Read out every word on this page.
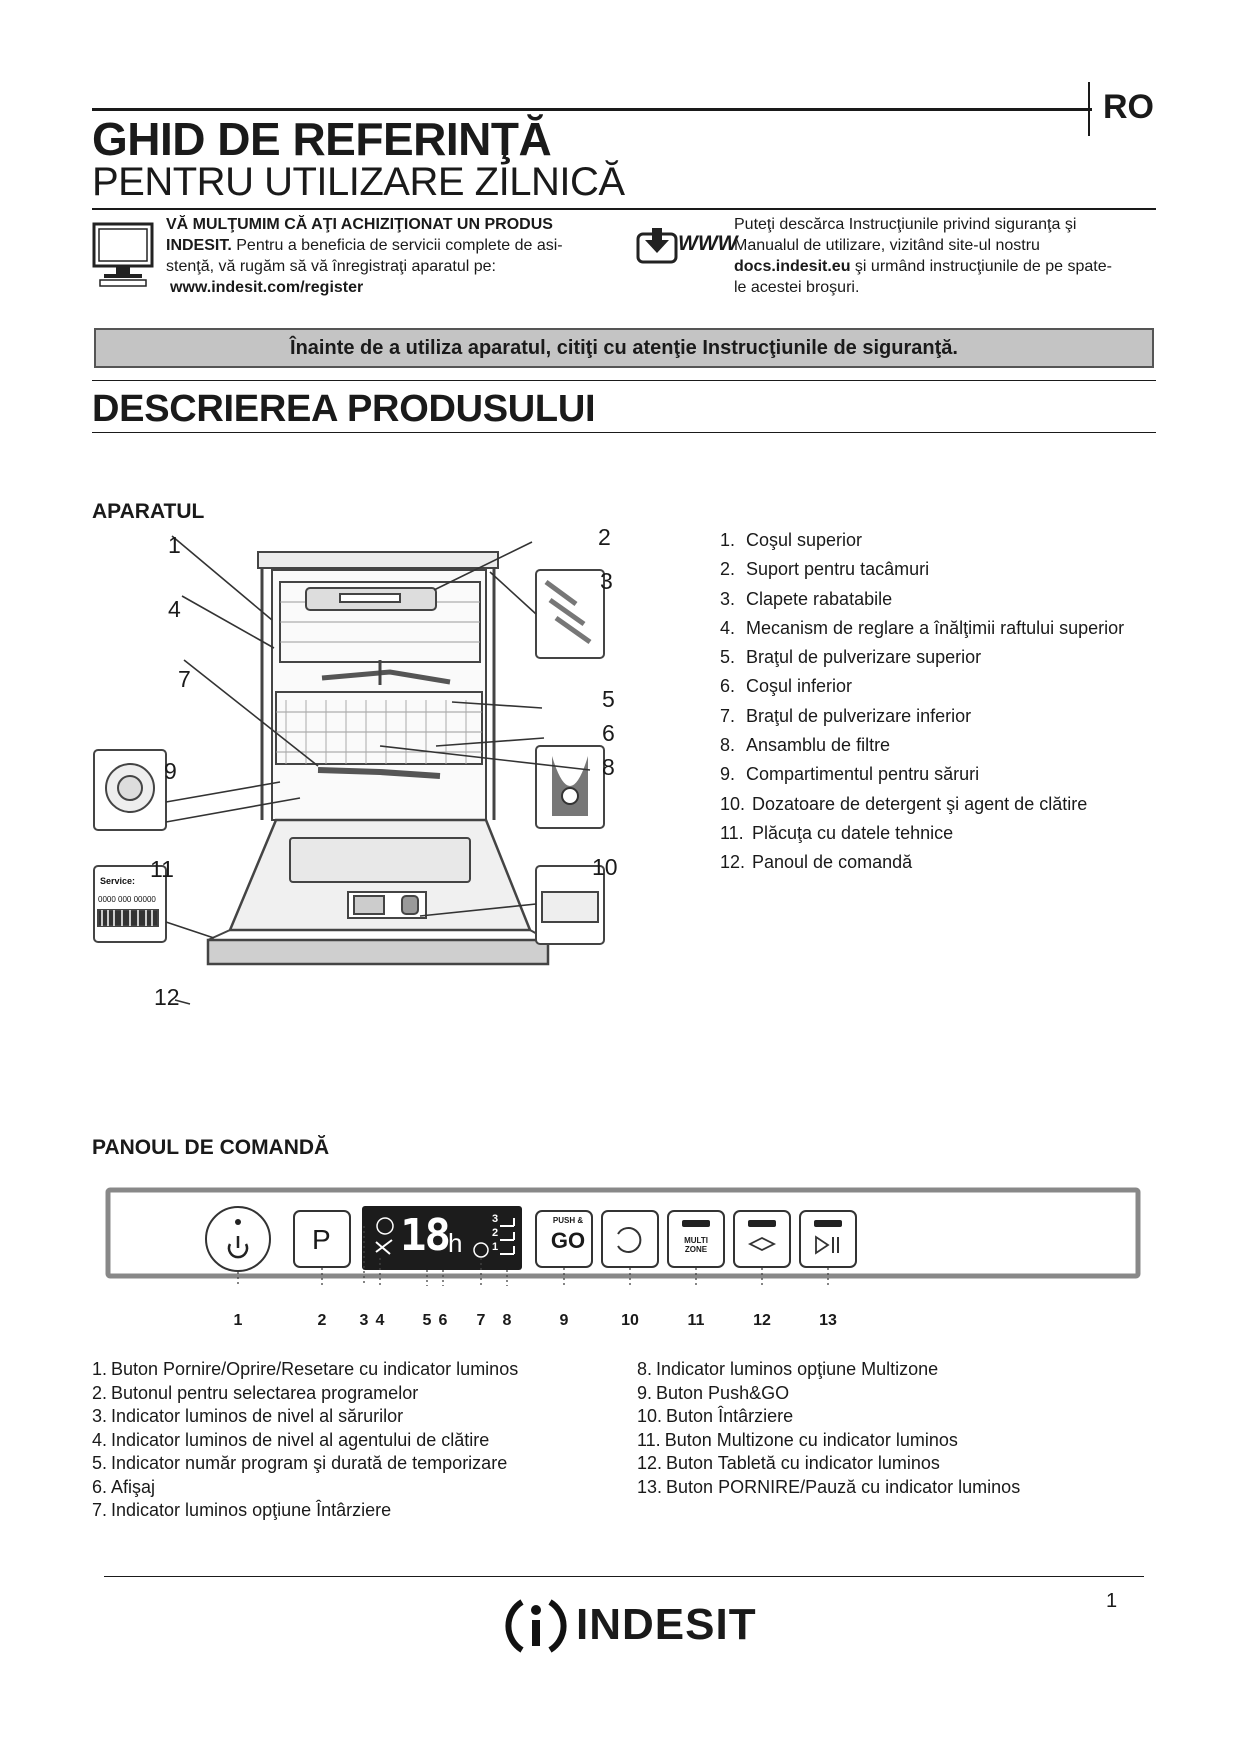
RO
GHID DE REFERINŢĂ
PENTRU UTILIZARE ZILNICĂ
VĂ MULŢUMIM CĂ AŢI ACHIZIŢIONAT UN PRODUS
INDESIT. Pentru a beneficia de servicii complete de asi-
stenţă, vă rugăm să vă înregistraţi aparatul pe:
www.indesit.com/register
WWW
Puteţi descărca Instrucţiunile privind siguranţa şi
Manualul de utilizare, vizitând site-ul nostru
docs.indesit.eu şi urmând instrucţiunile de pe spate-
le acestei broşuri.
Înainte de a utiliza aparatul, citiţi cu atenţie Instrucţiunile de siguranţă.
DESCRIEREA PRODUSULUI
APARATUL
Service:
0000 000 00000
1	2
3
4
5
6
7
8
9
10
11
12
1. Coşul superior
2. Suport pentru tacâmuri
3. Clapete rabatabile
4. Mecanism de reglare a înălţimii raftului superior
5. Braţul de pulverizare superior
6. Coşul inferior
7. Braţul de pulverizare inferior
8. Ansamblu de filtre
9. Compartimentul pentru săruri
10. Dozatoare de detergent şi agent de clătire
11. Plăcuţa cu datele tehnice
12. Panoul de comandă
PANOUL DE COMANDĂ
P 18 h
3
2
1
PUSH &
GO	MULTI ZONE
1	2	3 4	5 6	7	8	9	10	11	12	13
1. Buton Pornire/Oprire/Resetare cu indicator luminos
2. Butonul pentru selectarea programelor
3. Indicator luminos de nivel al sărurilor
4. Indicator luminos de nivel al agentului de clătire
5. Indicator număr program şi durată de temporizare
6. Afişaj
7. Indicator luminos opţiune Întârziere
8. Indicator luminos opţiune Multizone
9. Buton Push&GO
10. Buton Întârziere
11. Buton Multizone cu indicator luminos
12. Buton Tabletă cu indicator luminos
13. Buton PORNIRE/Pauză cu indicator luminos
INDESIT	1
